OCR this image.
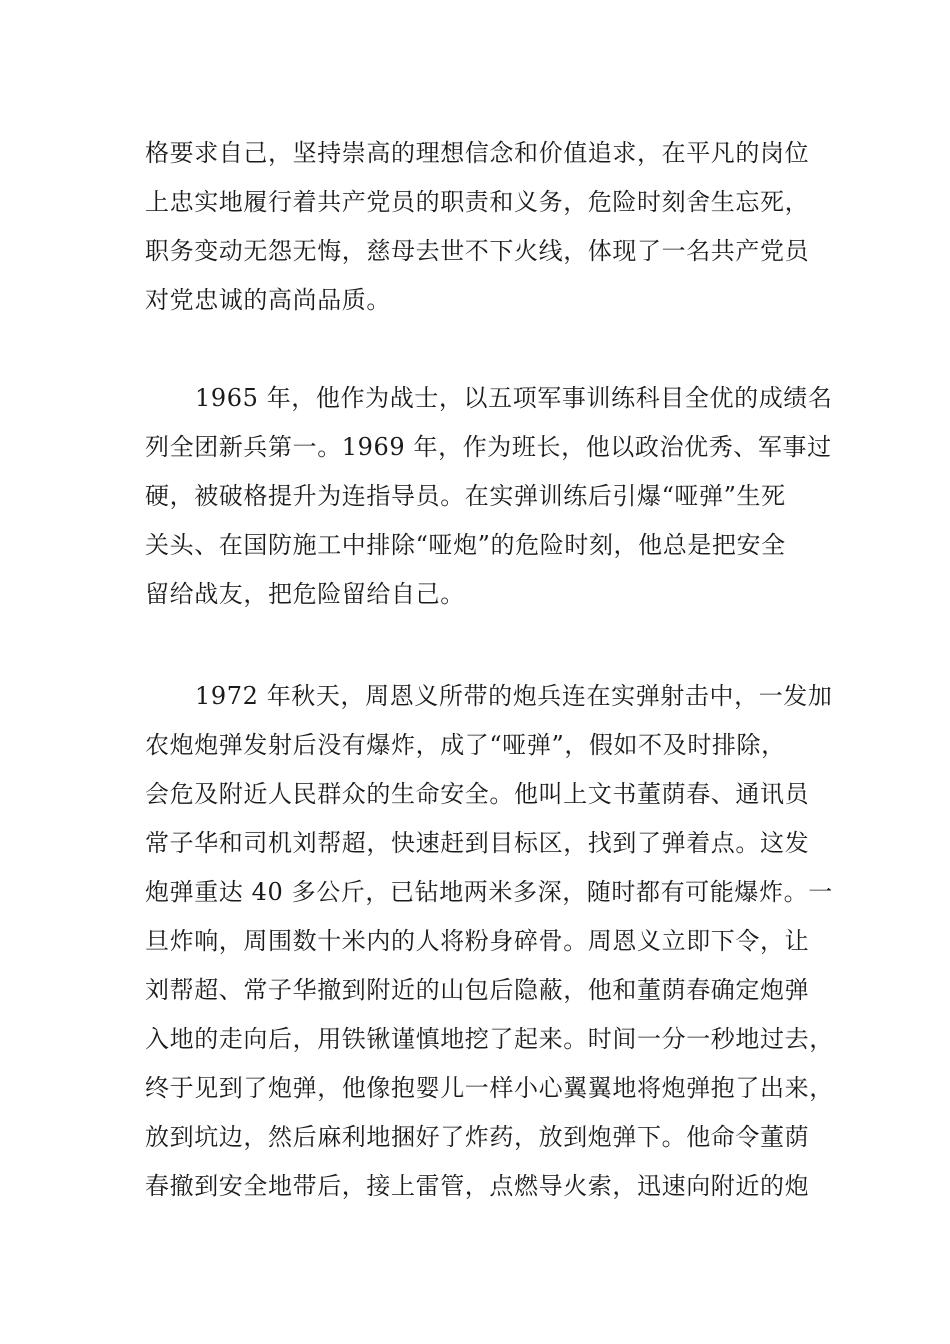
格要求自己，坚持崇高的理想信念和价值追求，在平凡的岗位
上忠实地履行着共产党员的职责和义务，危险时刻舍生忘死，
职务变动无怨无悔，慈母去世不下火线，体现了一名共产党员
对党忠诚的高尚品质。
1965 年，他作为战士，以五项军事训练科目全优的成绩名
列全团新兵第一。1969 年，作为班长，他以政治优秀、军事过
硬，被破格提升为连指导员。在实弹训练后引爆“哑弹”生死
关头、在国防施工中排除“哑炮”的危险时刻，他总是把安全
留给战友，把危险留给自己。
1972 年秋天，周恩义所带的炮兵连在实弹射击中，一发加
农炮炮弹发射后没有爆炸，成了“哑弹”，假如不及时排除，
会危及附近人民群众的生命安全。他叫上文书董荫春、通讯员
常子华和司机刘帮超，快速赶到目标区，找到了弹着点。这发
炮弹重达 40 多公斤，已钻地两米多深，随时都有可能爆炸。一
旦炸响，周围数十米内的人将粉身碎骨。周恩义立即下令，让
刘帮超、常子华撤到附近的山包后隐蔽，他和董荫春确定炮弹
入地的走向后，用铁锹谨慎地挖了起来。时间一分一秒地过去，
终于见到了炮弹，他像抱婴儿一样小心翼翼地将炮弹抱了出来，
放到坑边，然后麻利地捆好了炸药，放到炮弹下。他命令董荫
春撤到安全地带后，接上雷管，点燃导火索，迅速向附近的炮
